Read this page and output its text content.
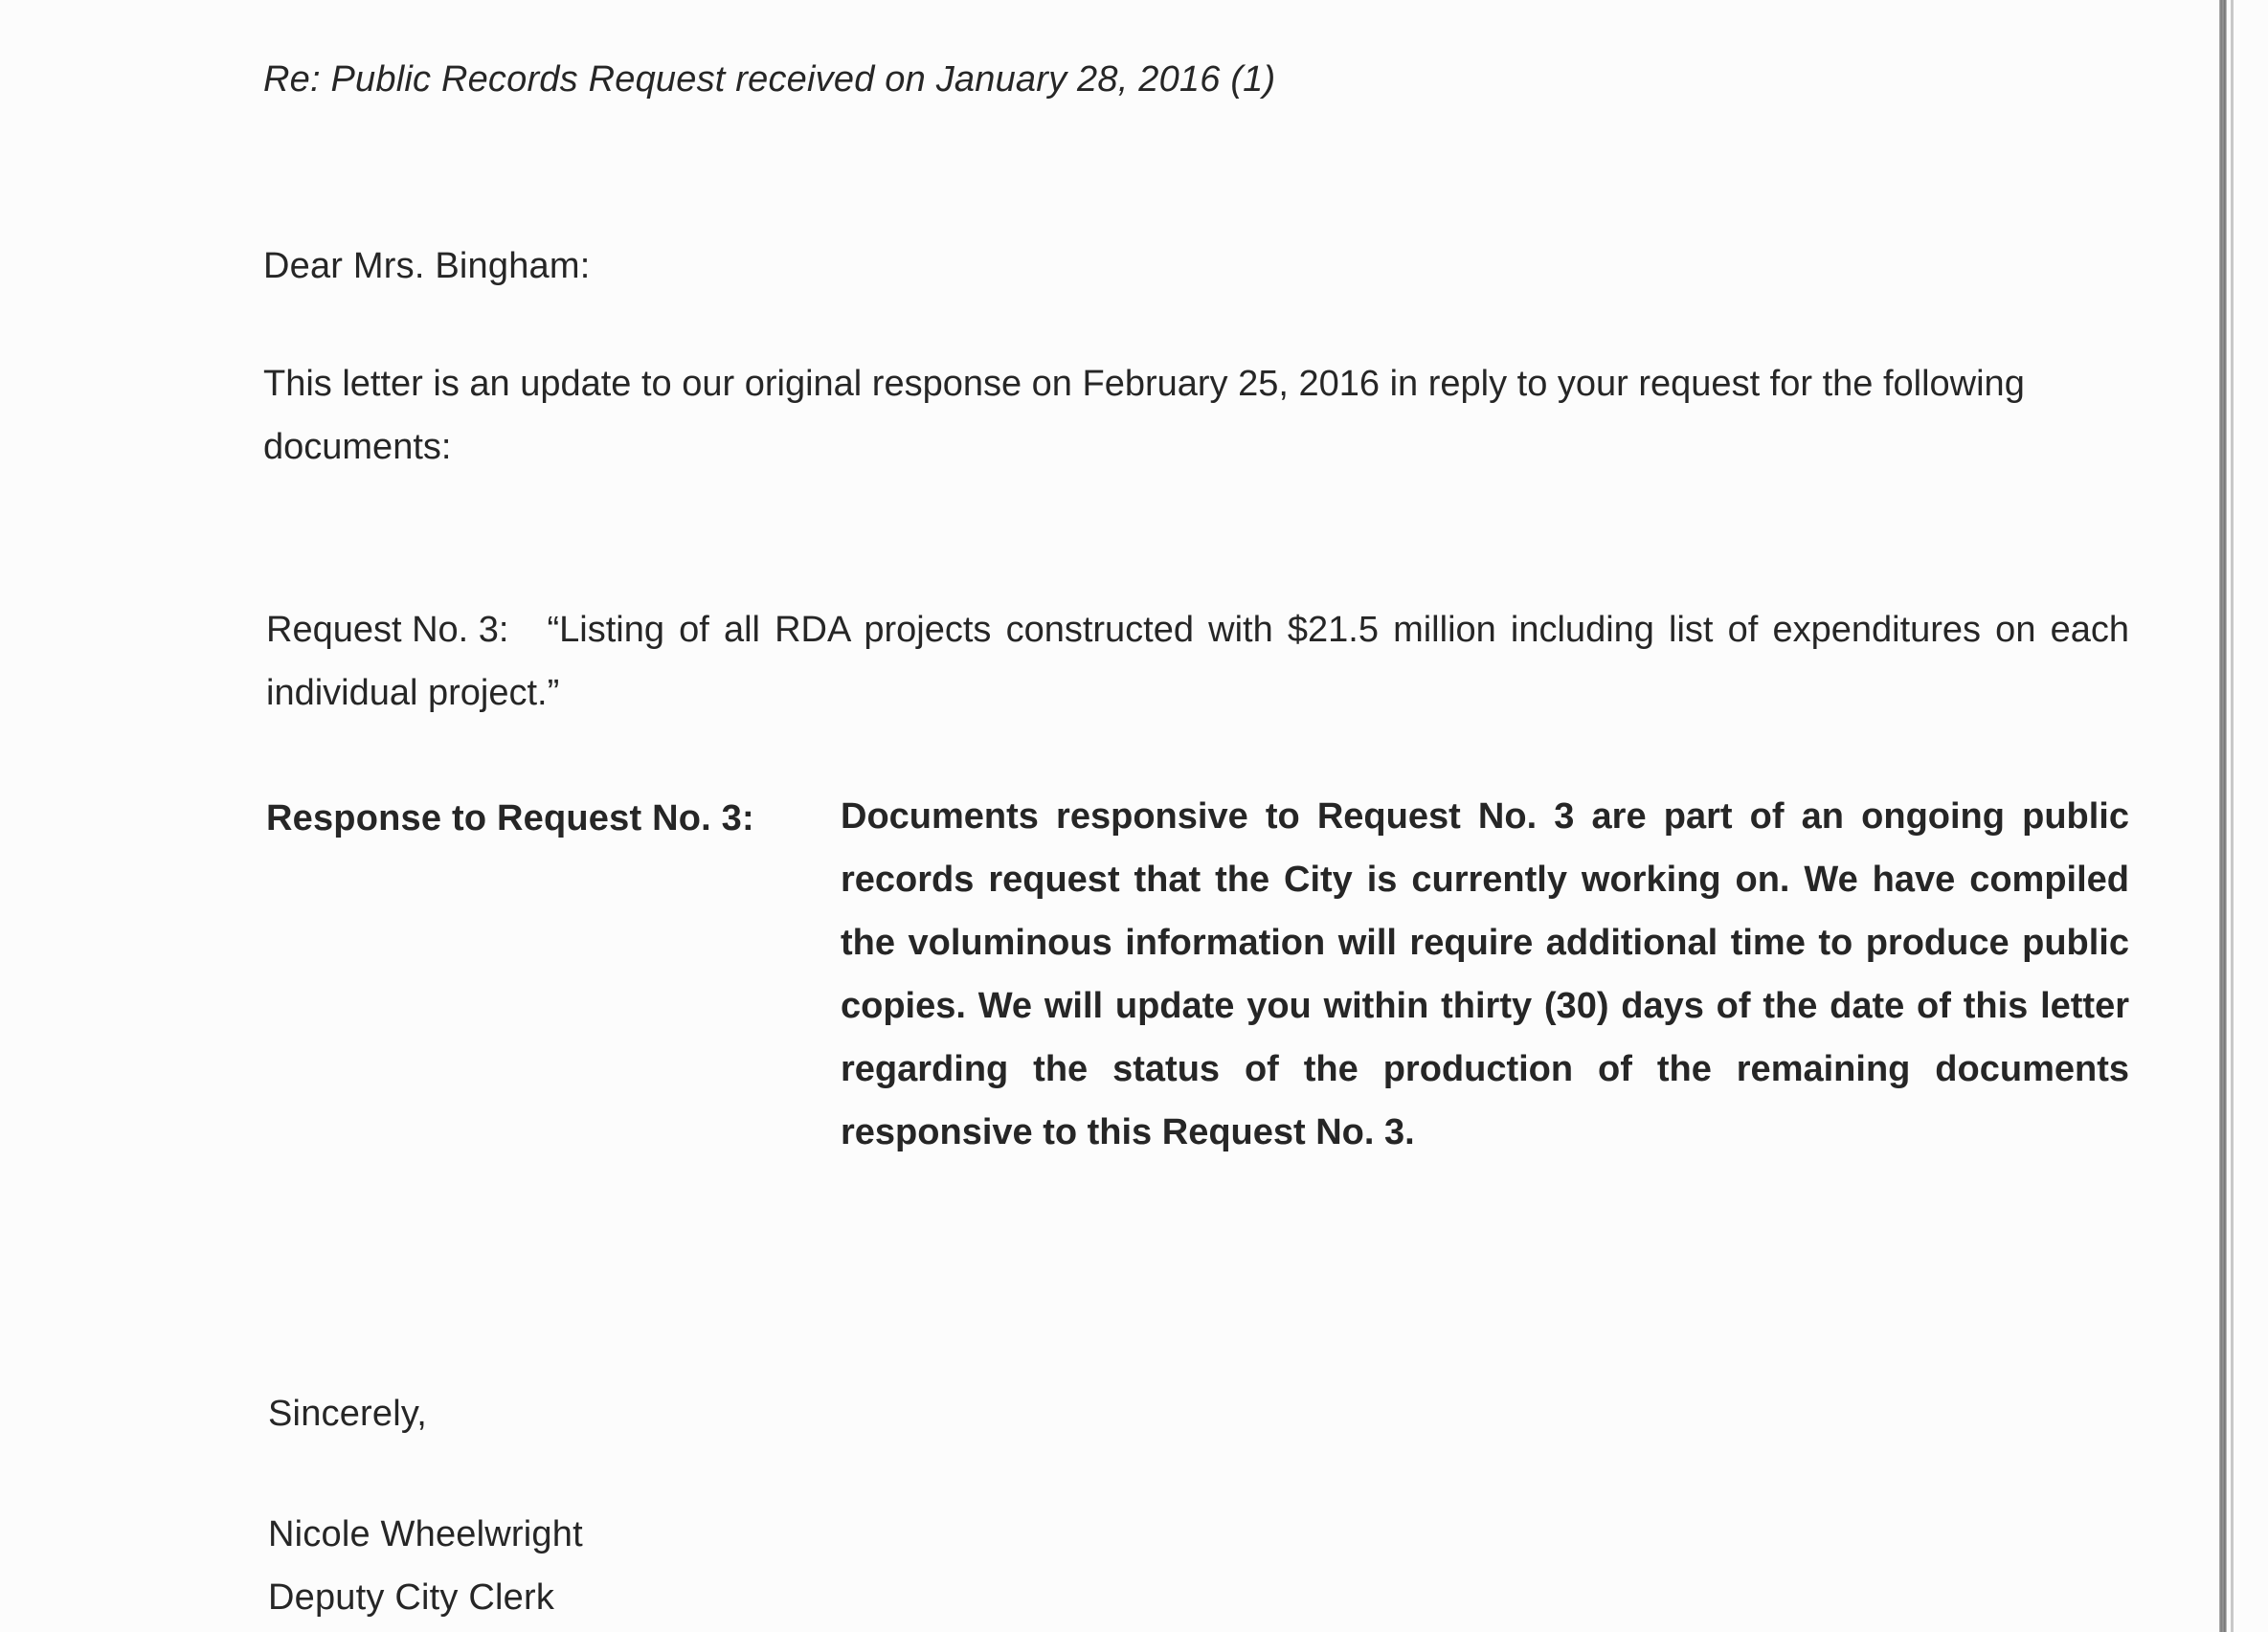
Re: Public Records Request received on January 28, 2016 (1)
Dear Mrs. Bingham:
This letter is an update to our original response on February 25, 2016 in reply to your request for the following documents:
Request No. 3: “Listing of all RDA projects constructed with $21.5 million including list of expenditures on each individual project.”
Response to Request No. 3: Documents responsive to Request No. 3 are part of an ongoing public records request that the City is currently working on. We have compiled the voluminous information will require additional time to produce public copies. We will update you within thirty (30) days of the date of this letter regarding the status of the production of the remaining documents responsive to this Request No. 3.
Sincerely,
Nicole Wheelwright
Deputy City Clerk
